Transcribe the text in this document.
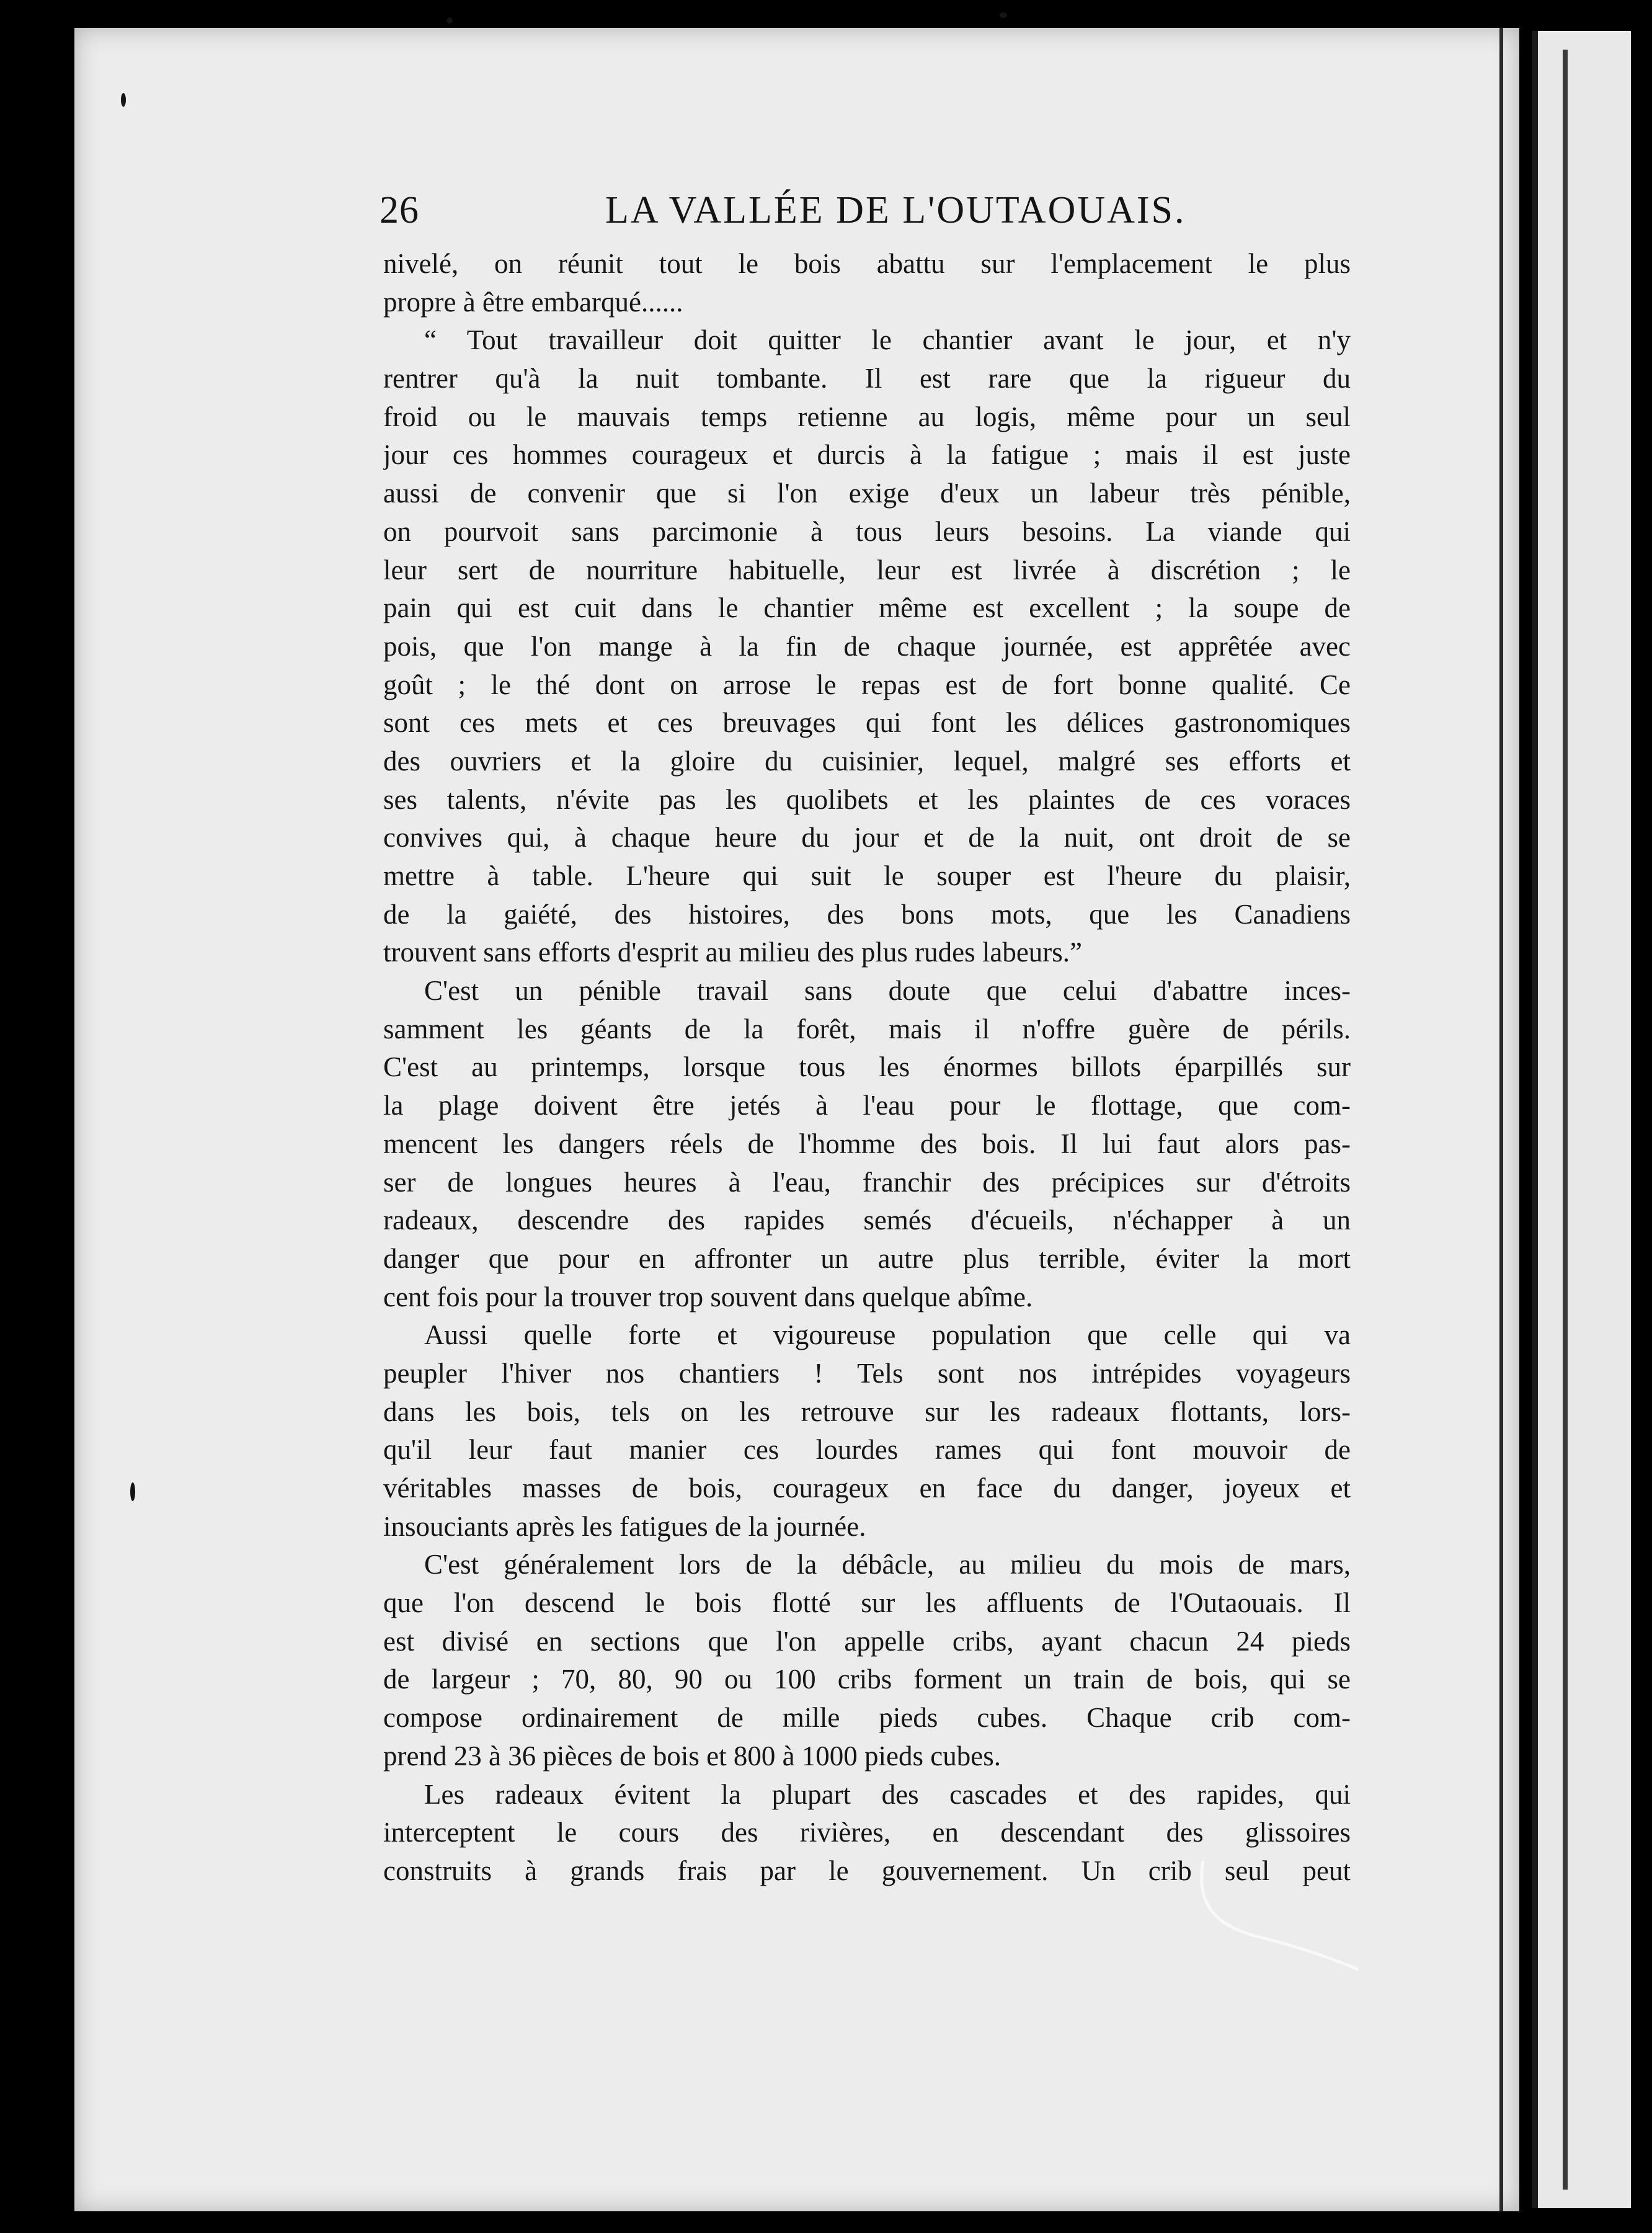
26	LA VALLÉE DE L'OUTAOUAIS.
nivelé, on réunit tout le bois abattu sur l'emplacement le plus
propre à être embarqué......
“ Tout travailleur doit quitter le chantier avant le jour, et n'y
rentrer qu'à la nuit tombante. Il est rare que la rigueur du
froid ou le mauvais temps retienne au logis, même pour un seul
jour ces hommes courageux et durcis à la fatigue ; mais il est juste
aussi de convenir que si l'on exige d'eux un labeur très pénible,
on pourvoit sans parcimonie à tous leurs besoins. La viande qui
leur sert de nourriture habituelle, leur est livrée à discrétion ; le
pain qui est cuit dans le chantier même est excellent ; la soupe de
pois, que l'on mange à la fin de chaque journée, est apprêtée avec
goût ; le thé dont on arrose le repas est de fort bonne qualité. Ce
sont ces mets et ces breuvages qui font les délices gastronomiques
des ouvriers et la gloire du cuisinier, lequel, malgré ses efforts et
ses talents, n'évite pas les quolibets et les plaintes de ces voraces
convives qui, à chaque heure du jour et de la nuit, ont droit de se
mettre à table. L'heure qui suit le souper est l'heure du plaisir,
de la gaiété, des histoires, des bons mots, que les Canadiens
trouvent sans efforts d'esprit au milieu des plus rudes labeurs.”
C'est un pénible travail sans doute que celui d'abattre inces-
samment les géants de la forêt, mais il n'offre guère de périls.
C'est au printemps, lorsque tous les énormes billots éparpillés sur
la plage doivent être jetés à l'eau pour le flottage, que com-
mencent les dangers réels de l'homme des bois. Il lui faut alors pas-
ser de longues heures à l'eau, franchir des précipices sur d'étroits
radeaux, descendre des rapides semés d'écueils, n'échapper à un
danger que pour en affronter un autre plus terrible, éviter la mort
cent fois pour la trouver trop souvent dans quelque abîme.
Aussi quelle forte et vigoureuse population que celle qui va
peupler l'hiver nos chantiers ! Tels sont nos intrépides voyageurs
dans les bois, tels on les retrouve sur les radeaux flottants, lors-
qu'il leur faut manier ces lourdes rames qui font mouvoir de
véritables masses de bois, courageux en face du danger, joyeux et
insouciants après les fatigues de la journée.
C'est généralement lors de la débâcle, au milieu du mois de mars,
que l'on descend le bois flotté sur les affluents de l'Outaouais. Il
est divisé en sections que l'on appelle cribs, ayant chacun 24 pieds
de largeur ; 70, 80, 90 ou 100 cribs forment un train de bois, qui se
compose ordinairement de mille pieds cubes. Chaque crib com-
prend 23 à 36 pièces de bois et 800 à 1000 pieds cubes.
Les radeaux évitent la plupart des cascades et des rapides, qui
interceptent le cours des rivières, en descendant des glissoires
construits à grands frais par le gouvernement. Un crib seul peut
